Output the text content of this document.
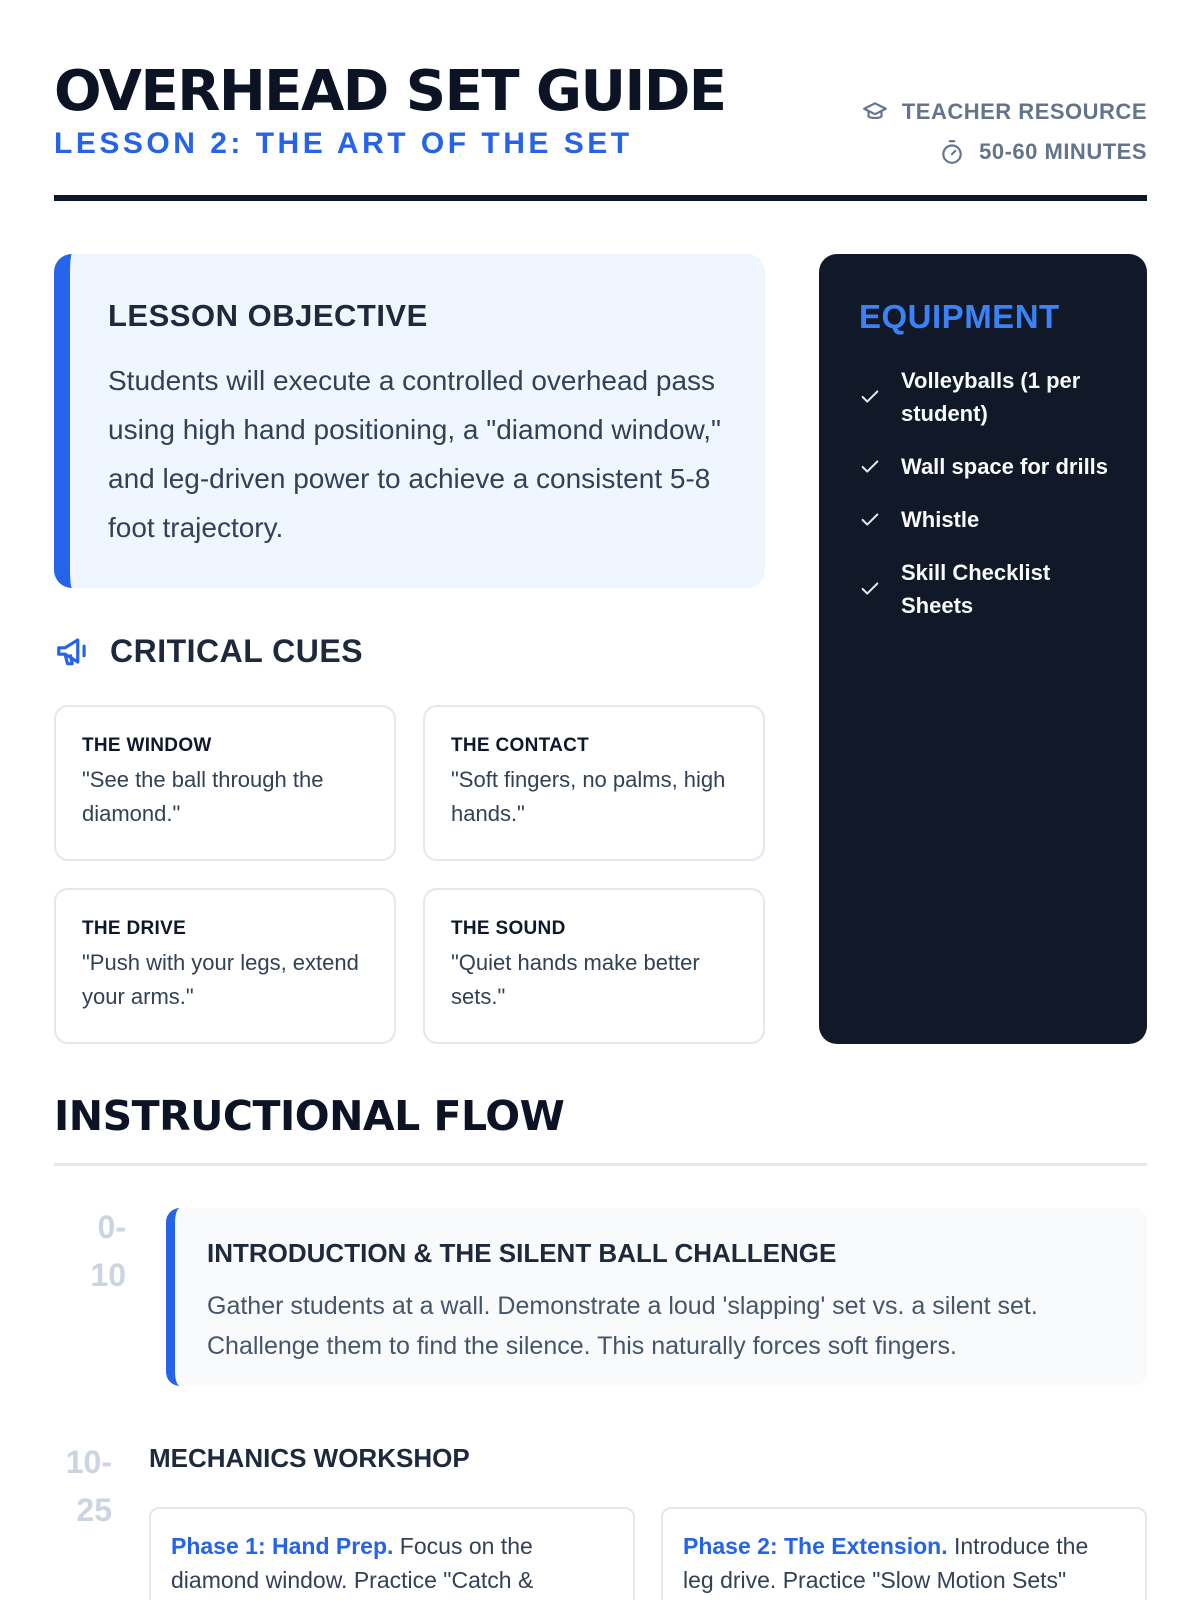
OVERHEAD SET GUIDE
LESSON 2: THE ART OF THE SET
TEACHER RESOURCE
50-60 MINUTES
LESSON OBJECTIVE

Students will execute a controlled overhead pass using high hand positioning, a "diamond window," and leg-driven power to achieve a consistent 5-8 foot trajectory.

EQUIPMENT
Volleyballs (1 per student)
Wall space for drills
Whistle
Skill Checklist Sheets
CRITICAL CUES
THE WINDOW

"See the ball through the diamond."

THE CONTACT

"Soft fingers, no palms, high hands."

THE DRIVE

"Push with your legs, extend your arms."

THE SOUND

"Quiet hands make better sets."

INSTRUCTIONAL FLOW
0-
10
INTRODUCTION & THE SILENT BALL CHALLENGE

Gather students at a wall. Demonstrate a loud 'slapping' set vs. a silent set. Challenge them to find the silence. This naturally forces soft fingers.

10-
25
MECHANICS WORKSHOP
Phase 1: Hand Prep. Focus on the diamond window. Practice "Catch &
Phase 2: The Extension. Introduce the leg drive. Practice "Slow Motion Sets"
